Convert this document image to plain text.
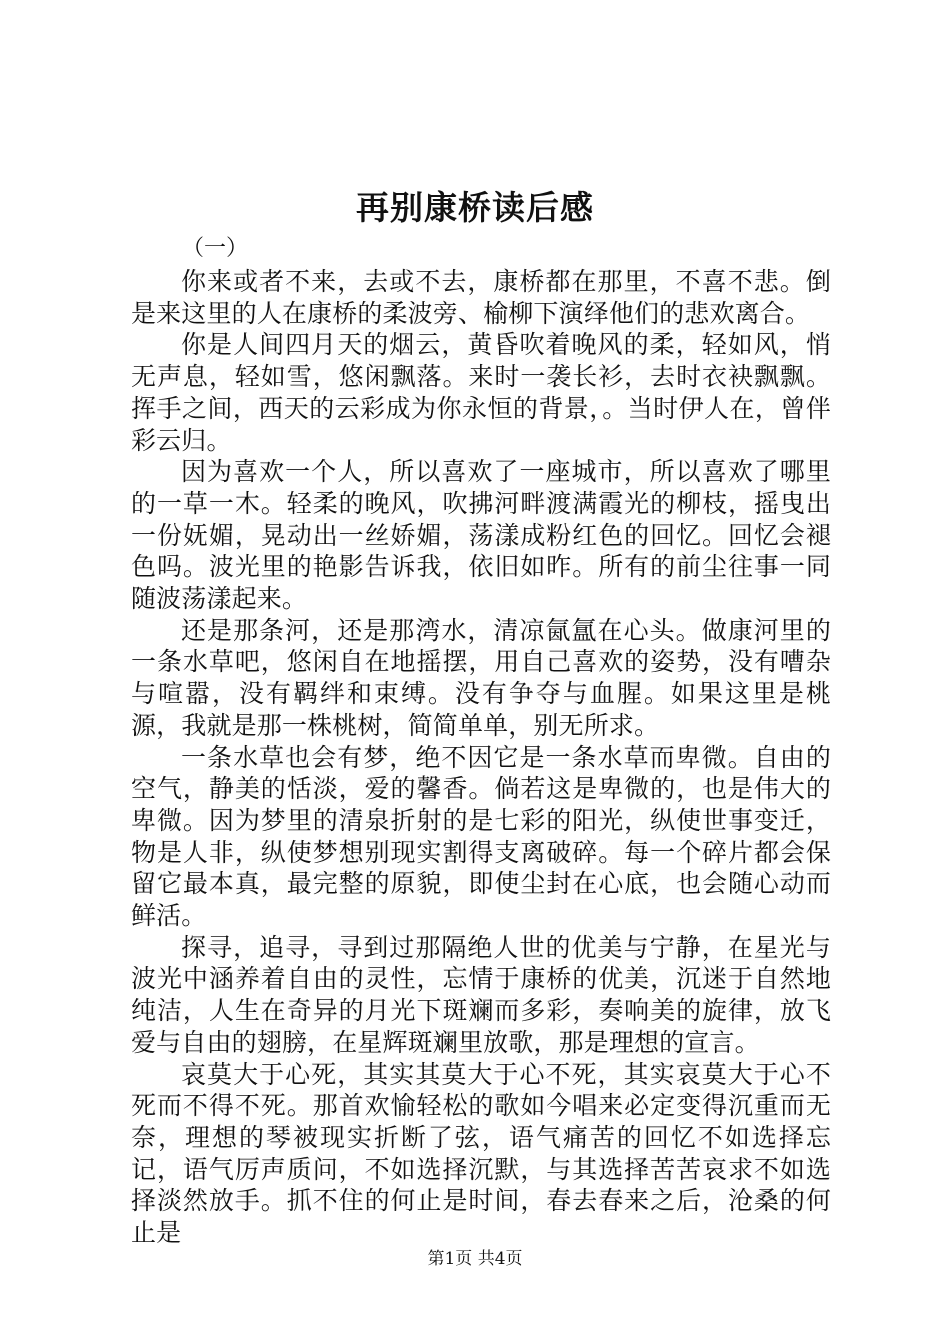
再别康桥读后感
（一）

你来或者不来，去或不去，康桥都在那里，不喜不悲。倒是来这里的人在康桥的柔波旁、榆柳下演绎他们的悲欢离合。

你是人间四月天的烟云，黄昏吹着晚风的柔，轻如风，悄无声息，轻如雪，悠闲飘落。来时一袭长衫，去时衣袂飘飘。挥手之间，西天的云彩成为你永恒的背景，。当时伊人在，曾伴彩云归。

因为喜欢一个人，所以喜欢了一座城市，所以喜欢了哪里的一草一木。轻柔的晚风，吹拂河畔渡满霞光的柳枝，摇曳出一份妩媚，晃动出一丝娇媚，荡漾成粉红色的回忆。回忆会褪色吗。波光里的艳影告诉我，依旧如昨。所有的前尘往事一同随波荡漾起来。

还是那条河，还是那湾水，清凉氤氲在心头。做康河里的一条水草吧，悠闲自在地摇摆，用自己喜欢的姿势，没有嘈杂与喧嚣，没有羁绊和束缚。没有争夺与血腥。如果这里是桃源，我就是那一株桃树，简简单单，别无所求。

一条水草也会有梦，绝不因它是一条水草而卑微。自由的空气，静美的恬淡，爱的馨香。倘若这是卑微的，也是伟大的卑微。因为梦里的清泉折射的是七彩的阳光，纵使世事变迁，物是人非，纵使梦想别现实割得支离破碎。每一个碎片都会保留它最本真，最完整的原貌，即使尘封在心底，也会随心动而鲜活。

探寻，追寻，寻到过那隔绝人世的优美与宁静，在星光与波光中涵养着自由的灵性，忘情于康桥的优美，沉迷于自然地纯洁，人生在奇异的月光下斑斓而多彩，奏响美的旋律，放飞爱与自由的翅膀，在星辉斑斓里放歌，那是理想的宣言。

哀莫大于心死，其实其莫大于心不死，其实哀莫大于心不死而不得不死。那首欢愉轻松的歌如今唱来必定变得沉重而无奈，理想的琴被现实折断了弦，语气痛苦的回忆不如选择忘记，语气厉声质问，不如选择沉默，与其选择苦苦哀求不如选择淡然放手。抓不住的何止是时间，春去春来之后，沧桑的何止是

第1页 共4页
